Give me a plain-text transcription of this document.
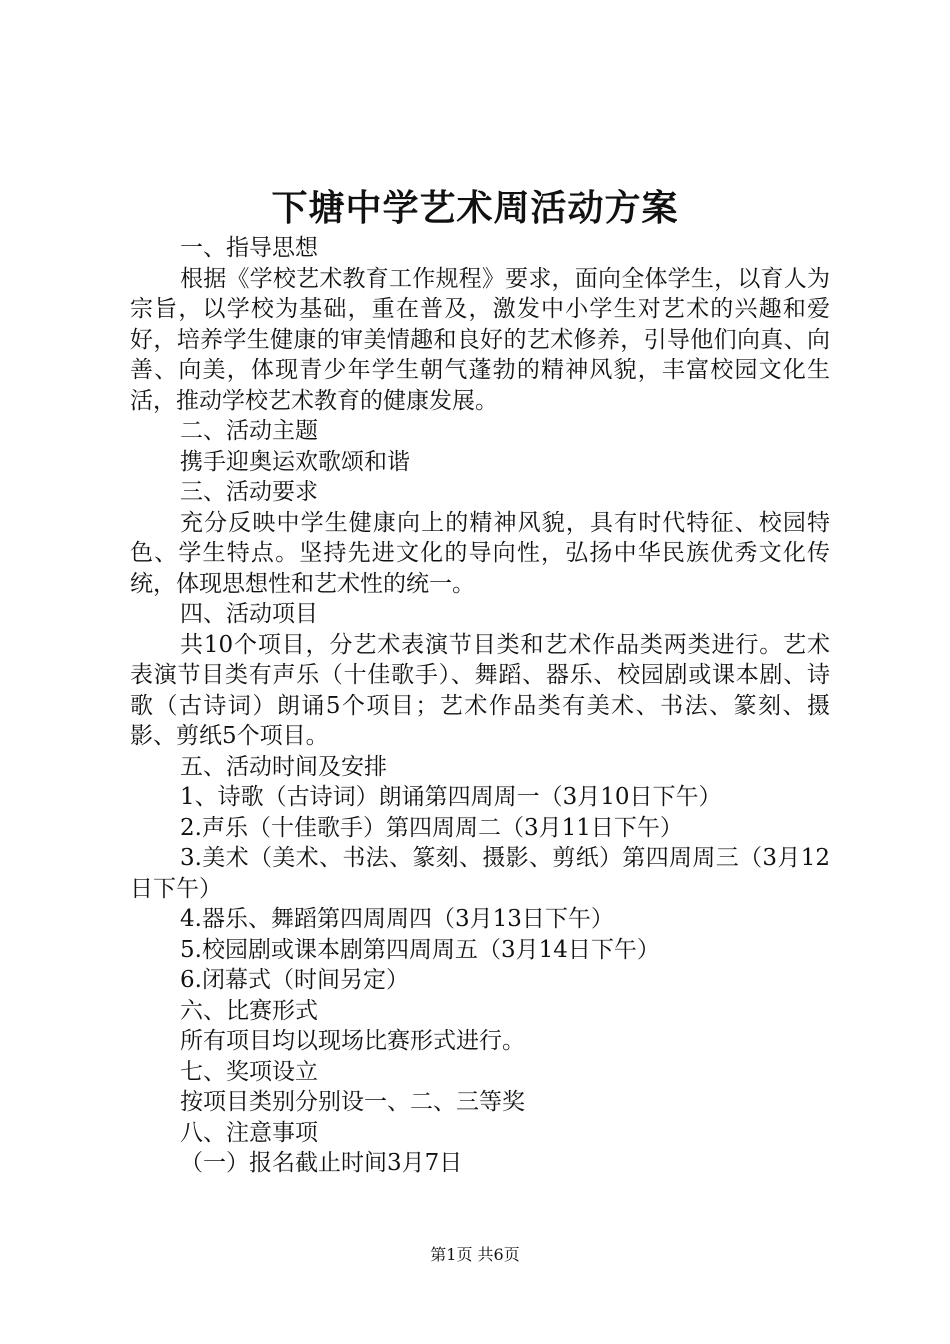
下塘中学艺术周活动方案

一、指导思想

根据《学校艺术教育工作规程》要求，面向全体学生，以育人为宗旨，以学校为基础，重在普及，激发中小学生对艺术的兴趣和爱好，培养学生健康的审美情趣和良好的艺术修养，引导他们向真、向善、向美，体现青少年学生朝气蓬勃的精神风貌，丰富校园文化生活，推动学校艺术教育的健康发展。

二、活动主题

携手迎奥运欢歌颂和谐

三、活动要求

充分反映中学生健康向上的精神风貌，具有时代特征、校园特色、学生特点。坚持先进文化的导向性，弘扬中华民族优秀文化传统，体现思想性和艺术性的统一。

四、活动项目

共10个项目，分艺术表演节目类和艺术作品类两类进行。艺术表演节目类有声乐（十佳歌手）、舞蹈、器乐、校园剧或课本剧、诗歌（古诗词）朗诵5个项目；艺术作品类有美术、书法、篆刻、摄影、剪纸5个项目。

五、活动时间及安排

1、诗歌（古诗词）朗诵第四周周一（3月10日下午）

2.声乐（十佳歌手）第四周周二（3月11日下午）

3.美术（美术、书法、篆刻、摄影、剪纸）第四周周三（3月12日下午）

4.器乐、舞蹈第四周周四（3月13日下午）

5.校园剧或课本剧第四周周五（3月14日下午）

6.闭幕式（时间另定）

六、比赛形式

所有项目均以现场比赛形式进行。

七、奖项设立

按项目类别分别设一、二、三等奖

八、注意事项

（一）报名截止时间3月7日

第1页 共6页
